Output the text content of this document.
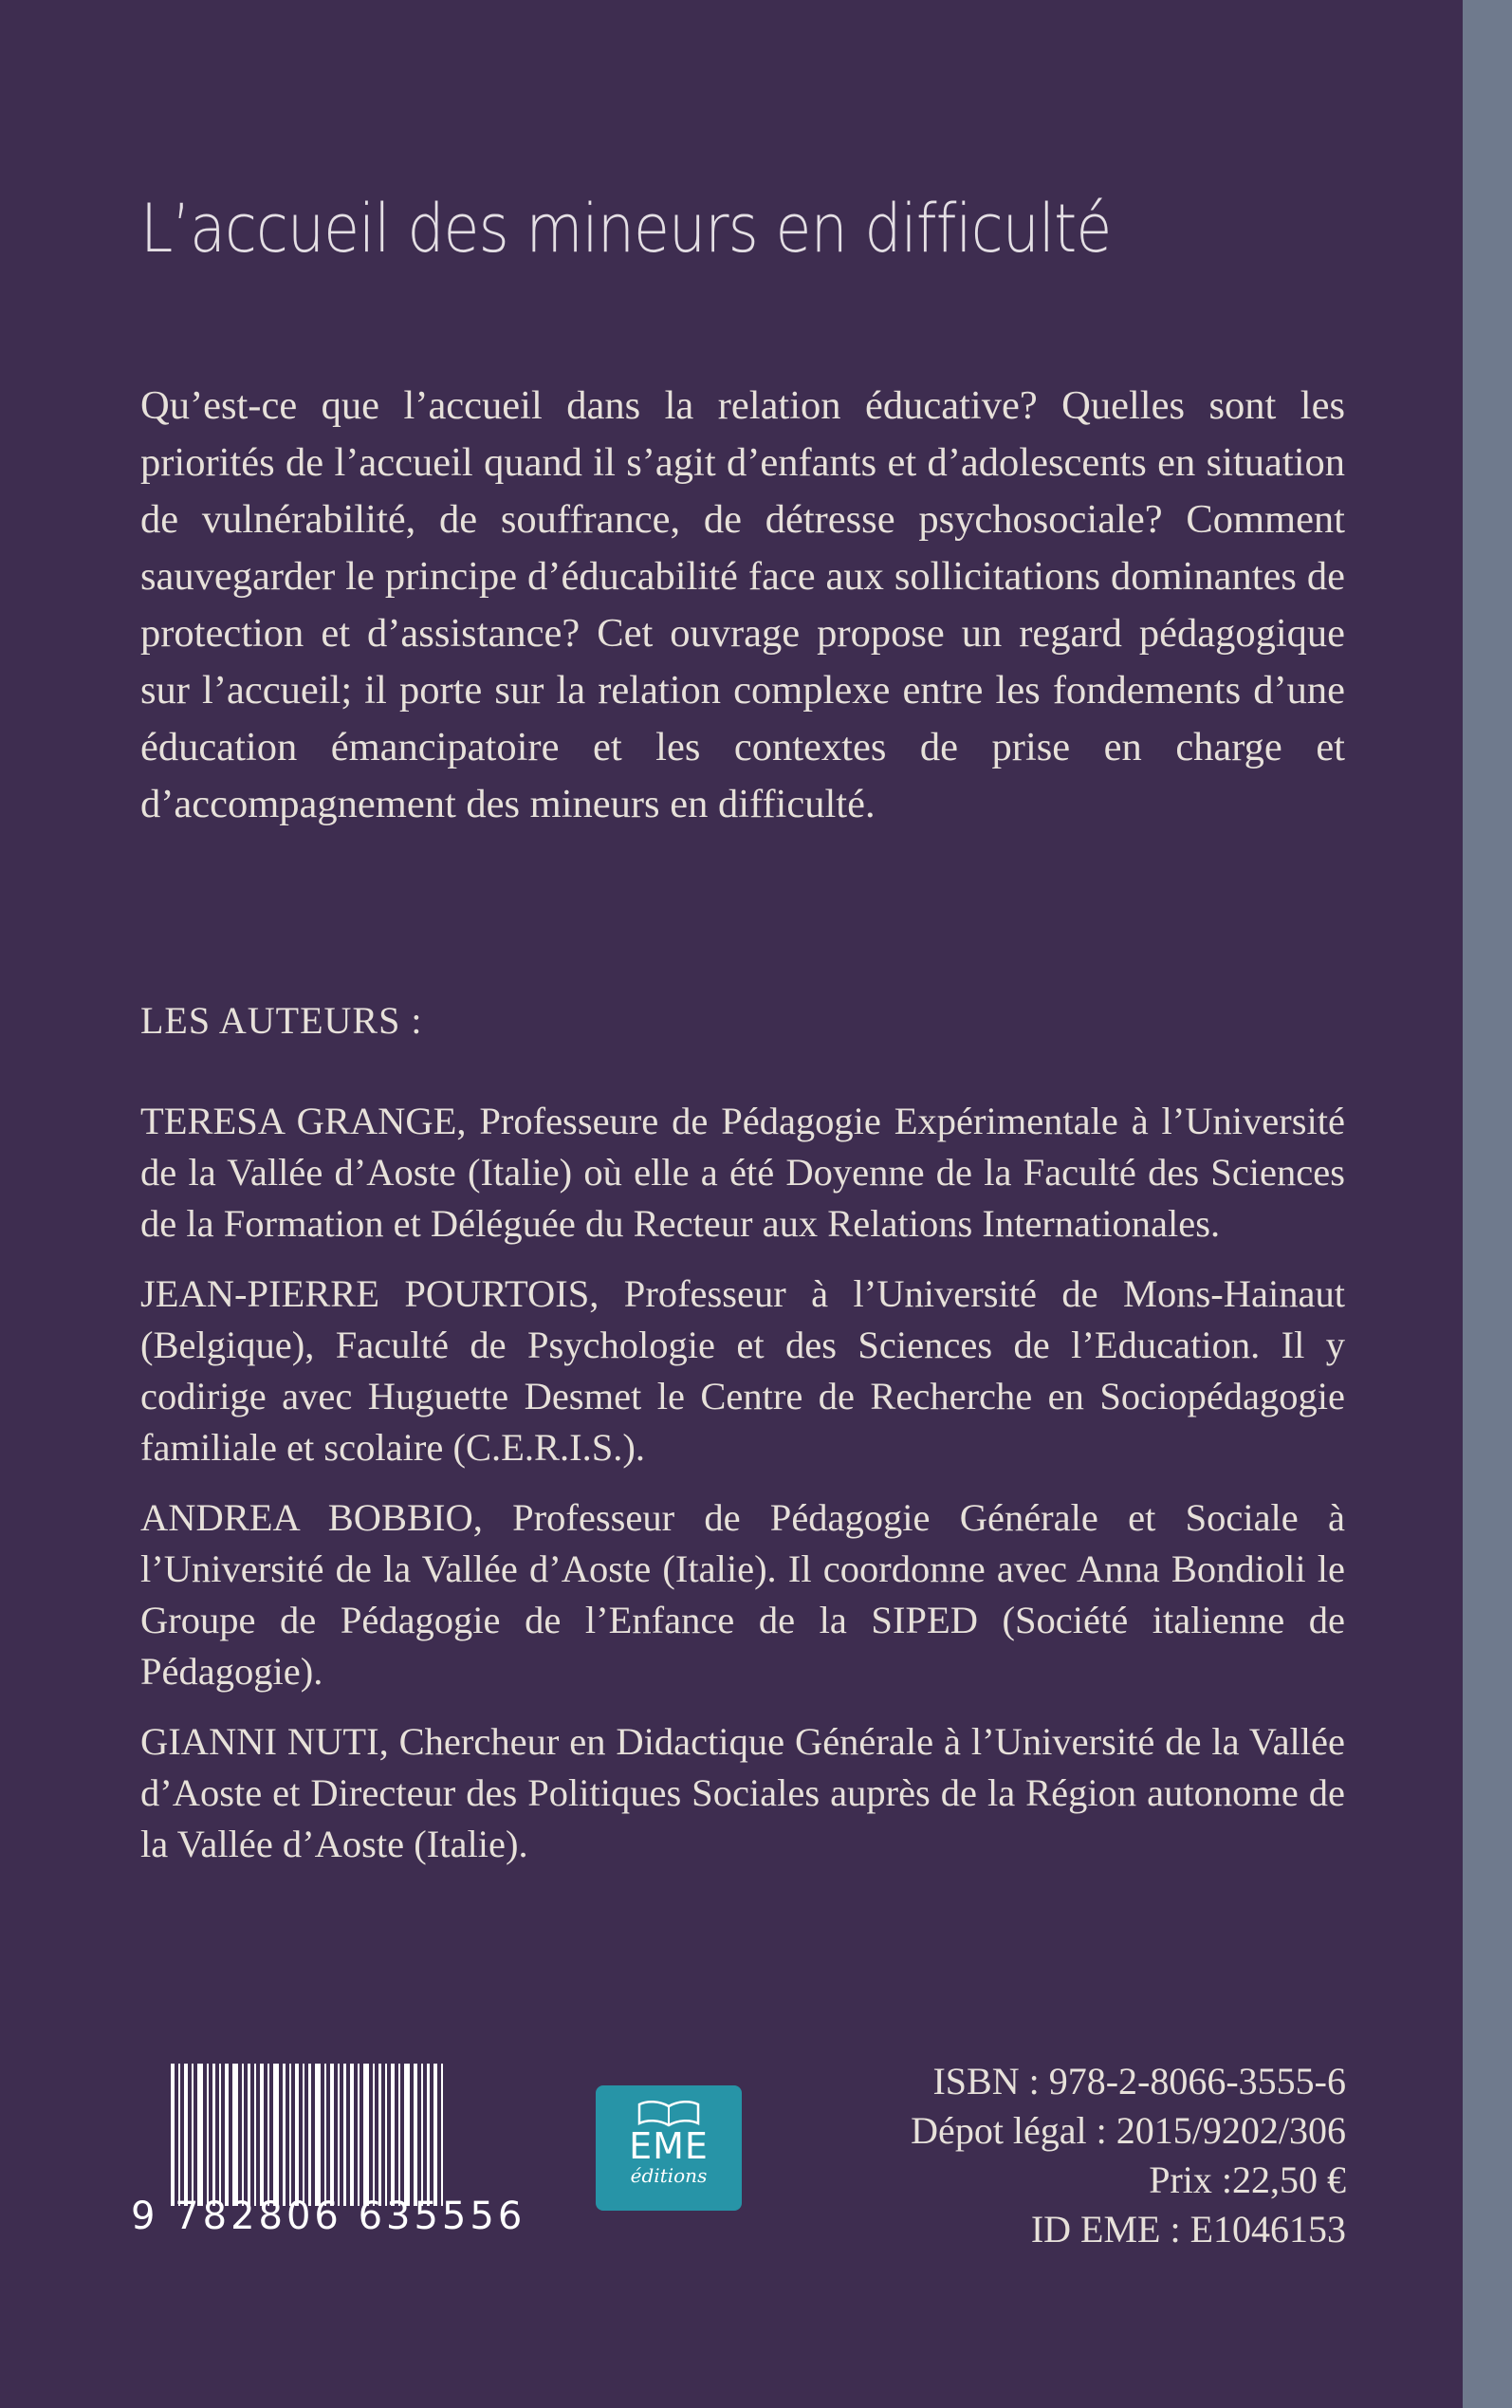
L’accueil des mineurs en difficulté
Qu’est-ce que l’accueil dans la relation éducative? Quelles sont les priorités de l’accueil quand il s’agit d’enfants et d’adolescents en situation de vulnérabilité, de souffrance, de détresse psychosociale? Comment sauvegarder le principe d’éducabilité face aux sollicitations dominantes de protection et d’assistance? Cet ouvrage propose un regard pédagogique sur l’accueil; il porte sur la relation complexe entre les fondements d’une éducation émancipatoire et les contextes de prise en charge et d’accompagnement des mineurs en difficulté.
LES AUTEURS :

TERESA GRANGE, Professeure de Pédagogie Expérimentale à l’Université de la Vallée d’Aoste (Italie) où elle a été Doyenne de la Faculté des Sciences de la Formation et Déléguée du Recteur aux Relations Internationales.

JEAN-PIERRE POURTOIS, Professeur à l’Université de Mons-Hainaut (Belgique), Faculté de Psychologie et des Sciences de l’Education. Il y codirige avec Huguette Desmet le Centre de Recherche en Sociopédagogie familiale et scolaire (C.E.R.I.S.).

ANDREA BOBBIO, Professeur de Pédagogie Générale et Sociale à l’Université de la Vallée d’Aoste (Italie). Il coordonne avec Anna Bondioli le Groupe de Pédagogie de l’Enfance de la SIPED (Société italienne de Pédagogie).

GIANNI NUTI, Chercheur en Didactique Générale à l’Université de la Vallée d’Aoste et Directeur des Politiques Sociales auprès de la Région autonome de la Vallée d’Aoste (Italie).

9 782806 635556
EME
éditions
ISBN : 978-2-8066-3555-6
Dépot légal : 2015/9202/306
Prix :22,50 €
ID EME : E1046153
